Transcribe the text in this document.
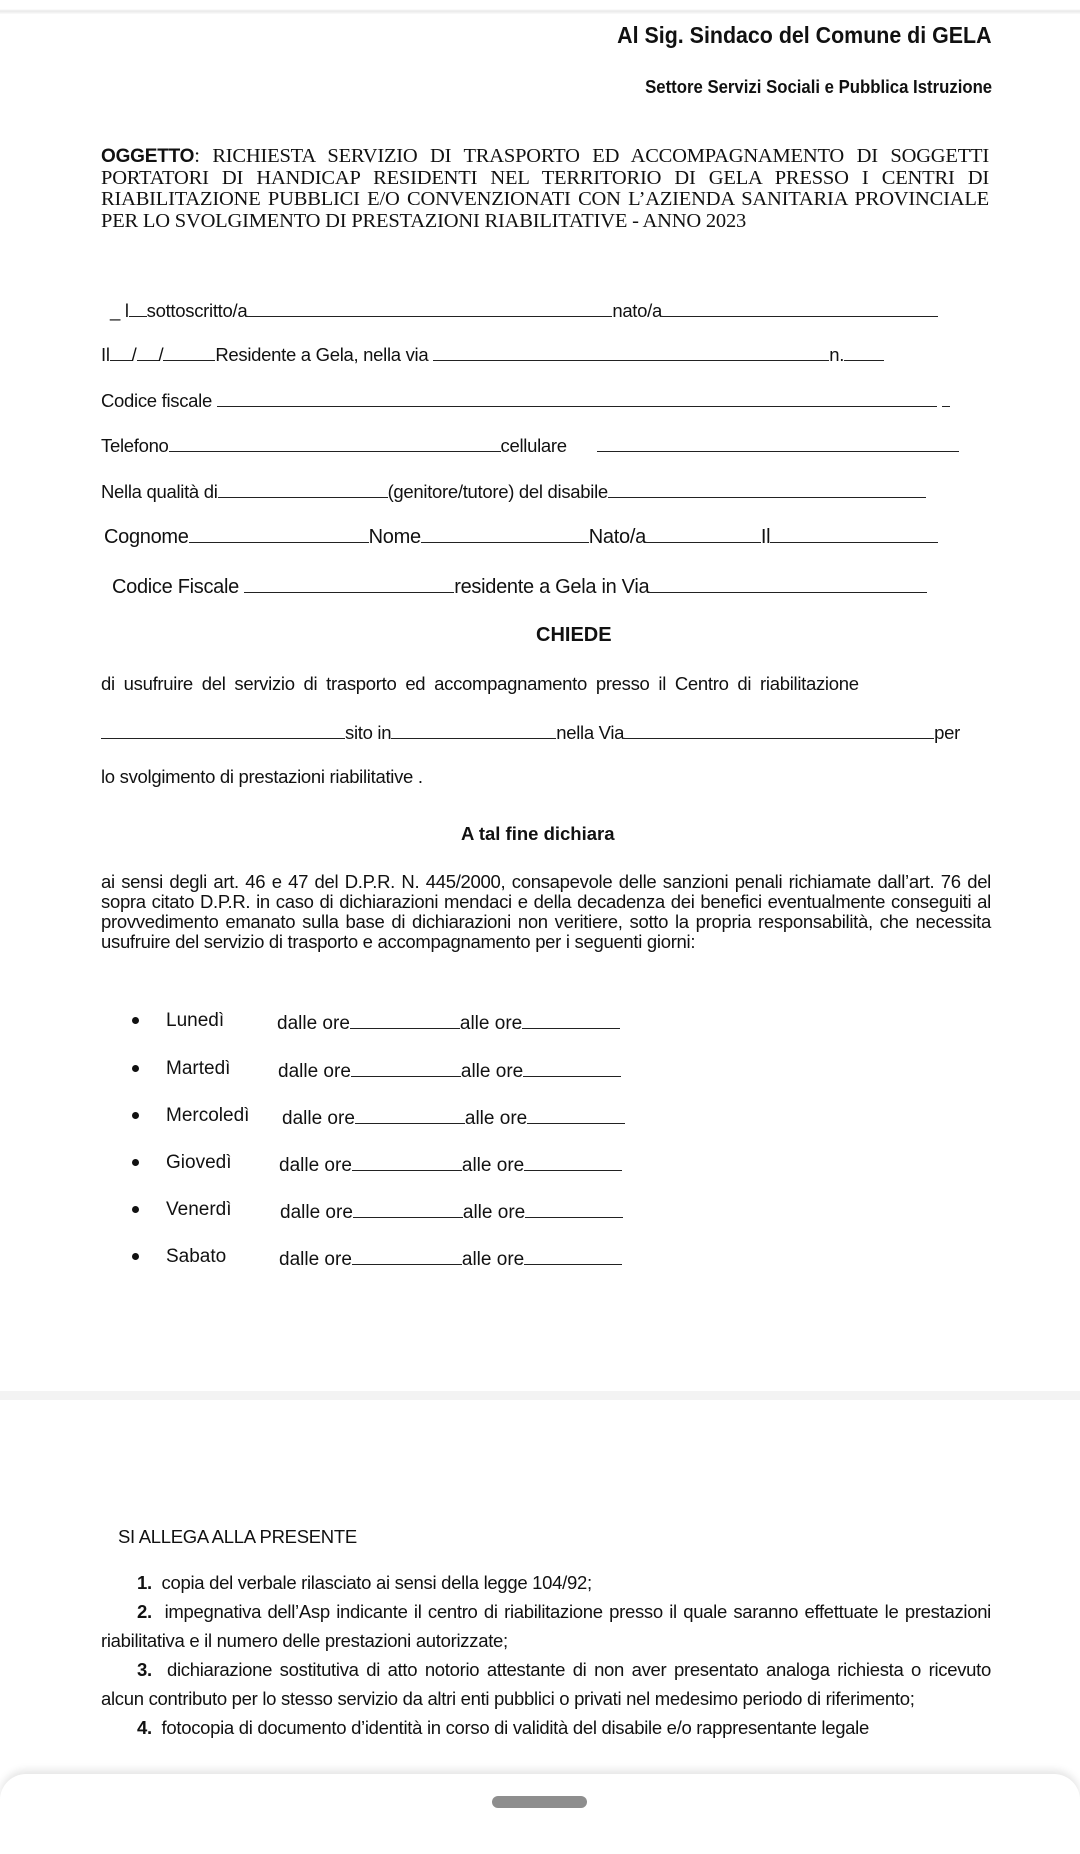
Al Sig. Sindaco del Comune di GELA
Settore Servizi Sociali e Pubblica Istruzione
OGGETTO: RICHIESTA SERVIZIO DI TRASPORTO ED ACCOMPAGNAMENTO DI SOGGETTI PORTATORI DI HANDICAP RESIDENTI NEL TERRITORIO DI GELA PRESSO I CENTRI DI RIABILITAZIONE PUBBLICI E/O CONVENZIONATI CON L’AZIENDA SANITARIA PROVINCIALE PER LO SVOLGIMENTO DI PRESTAZIONI RIABILITATIVE - ANNO 2023
_ l sottoscritto/a	nato/a
Il / /	Residente a Gela, nella via	n.
Codice fiscale
Telefono	cellulare
Nella qualità di	(genitore/tutore) del disabile
Cognome	Nome	Nato/a	Il
Codice Fiscale	residente a Gela in Via
CHIEDE
di usufruire del servizio di trasporto ed accompagnamento presso il Centro di riabilitazione
sito in	nella Via	per
lo svolgimento di prestazioni riabilitative .
A tal fine dichiara
ai sensi degli art. 46 e 47 del D.P.R. N. 445/2000, consapevole delle sanzioni penali richiamate dall’art. 76 del sopra citato D.P.R. in caso di dichiarazioni mendaci e della decadenza dei benefici eventualmente conseguiti al provvedimento emanato sulla base di dichiarazioni non veritiere, sotto la propria responsabilità, che necessita usufruire del servizio di trasporto e accompagnamento per i seguenti giorni:
Lunedì	dalle ore	alle ore
Martedì	dalle ore	alle ore
Mercoledì dalle ore	alle ore
Giovedì	dalle ore	alle ore
Venerdì	dalle ore	alle ore
Sabato	dalle ore	alle ore
SI ALLEGA ALLA PRESENTE
1. copia del verbale rilasciato ai sensi della legge 104/92;
2. impegnativa dell’Asp indicante il centro di riabilitazione presso il quale saranno effettuate le prestazioni riabilitativa e il numero delle prestazioni autorizzate;
3. dichiarazione sostitutiva di atto notorio attestante di non aver presentato analoga richiesta o ricevuto alcun contributo per lo stesso servizio da altri enti pubblici o privati nel medesimo periodo di riferimento;
4. fotocopia di documento d’identità in corso di validità del disabile e/o rappresentante legale
